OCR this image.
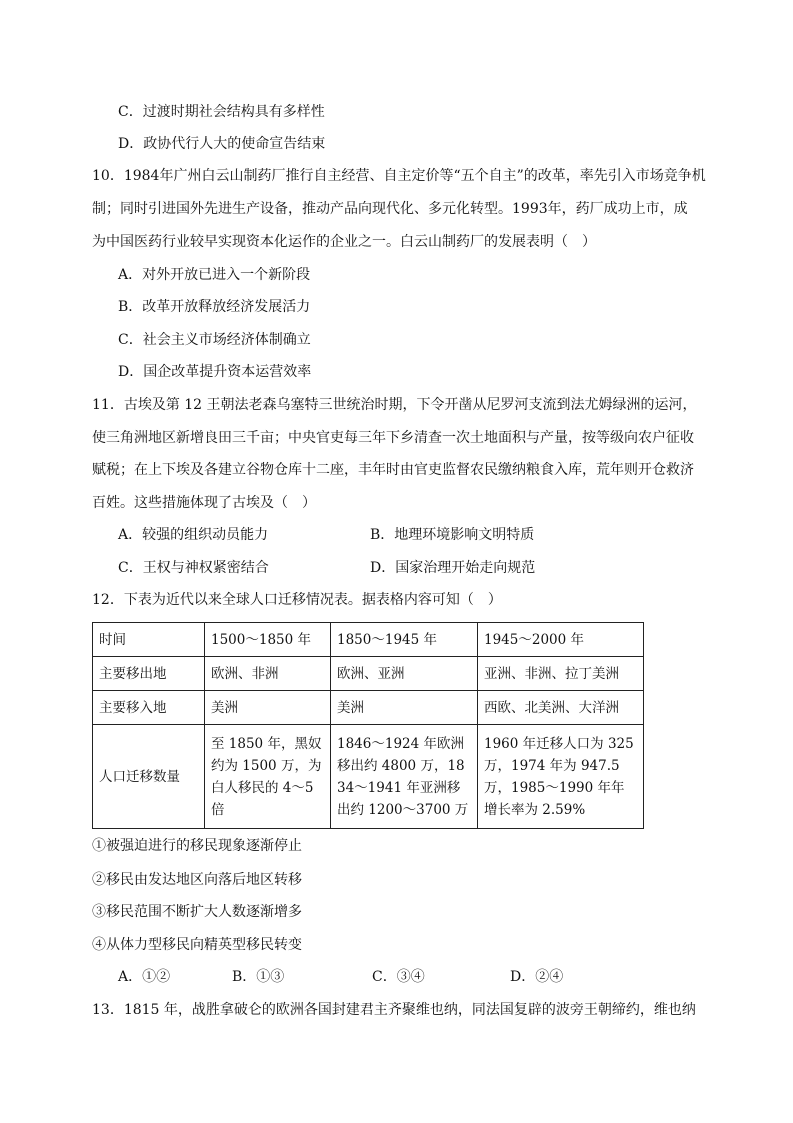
C．过渡时期社会结构具有多样性
D．政协代行人大的使命宣告结束
10．1984年广州白云山制药厂推行自主经营、自主定价等“五个自主”的改革，率先引入市场竞争机
制；同时引进国外先进生产设备，推动产品向现代化、多元化转型。1993年，药厂成功上市，成
为中国医药行业较早实现资本化运作的企业之一。白云山制药厂的发展表明（　）
A．对外开放已进入一个新阶段
B．改革开放释放经济发展活力
C．社会主义市场经济体制确立
D．国企改革提升资本运营效率
11．古埃及第 12 王朝法老森乌塞特三世统治时期，下令开凿从尼罗河支流到法尤姆绿洲的运河，
使三角洲地区新增良田三千亩；中央官吏每三年下乡清查一次土地面积与产量，按等级向农户征收
赋税；在上下埃及各建立谷物仓库十二座，丰年时由官吏监督农民缴纳粮食入库，荒年则开仓救济
百姓。这些措施体现了古埃及（　）
A．较强的组织动员能力	B．地理环境影响文明特质
C．王权与神权紧密结合	D．国家治理开始走向规范
12．下表为近代以来全球人口迁移情况表。据表格内容可知（　）
时间	1500～1850 年	1850～1945 年	1945～2000 年
主要移出地	欧洲、非洲	欧洲、亚洲	亚洲、非洲、拉丁美洲
主要移入地	美洲	美洲	西欧、北美洲、大洋洲
人口迁移数量	至 1850 年，黑奴约为 1500 万，为白人移民的 4～5 倍	1846～1924 年欧洲移出约 4800 万，1834～1941 年亚洲移出约 1200～3700 万	1960 年迁移人口为 325 万，1974 年为 947.5 万，1985～1990 年年增长率为 2.59%
①被强迫进行的移民现象逐渐停止
②移民由发达地区向落后地区转移
③移民范围不断扩大人数逐渐增多
④从体力型移民向精英型移民转变
A．①②	B．①③	C．③④	D．②④
13．1815 年，战胜拿破仑的欧洲各国封建君主齐聚维也纳，同法国复辟的波旁王朝缔约，维也纳
